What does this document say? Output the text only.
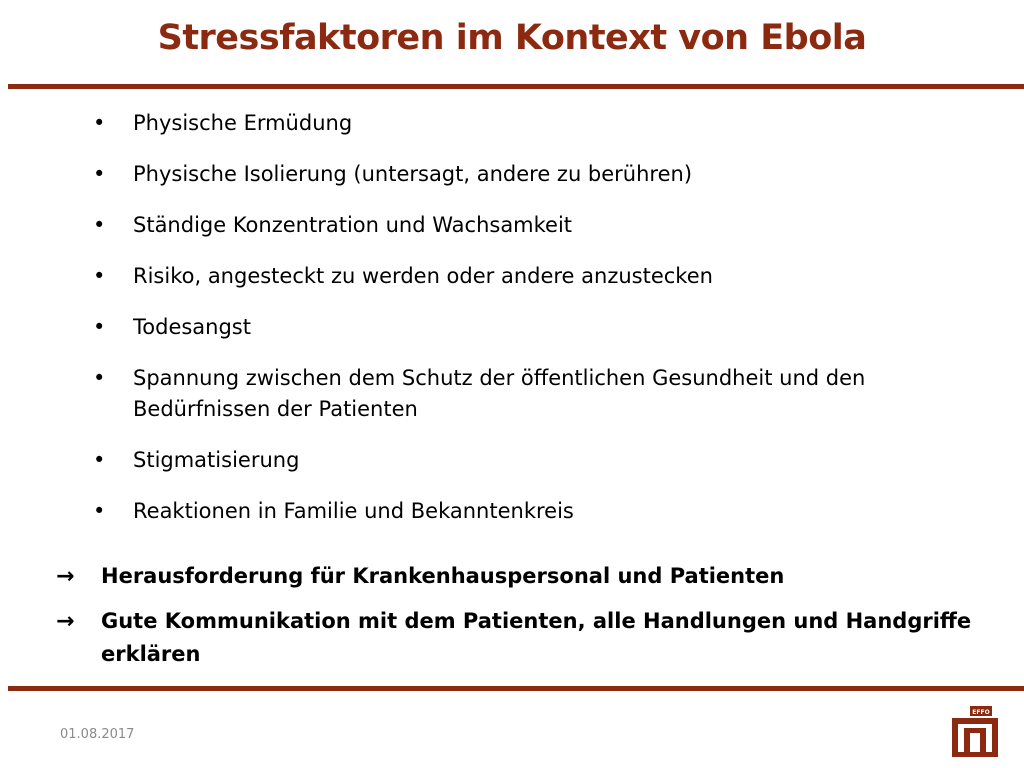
Stressfaktoren im Kontext von Ebola
• Physische Ermüdung
• Physische Isolierung (untersagt, andere zu berühren)
• Ständige Konzentration und Wachsamkeit
• Risiko, angesteckt zu werden oder andere anzustecken
• Todesangst
• Spannung zwischen dem Schutz der öffentlichen Gesundheit und den Bedürfnissen der Patienten
• Stigmatisierung
• Reaktionen in Familie und Bekanntenkreis
→ Herausforderung für Krankenhauspersonal und Patienten
→ Gute Kommunikation mit dem Patienten, alle Handlungen und Handgriffe erklären
01.08.2017
EFFO
